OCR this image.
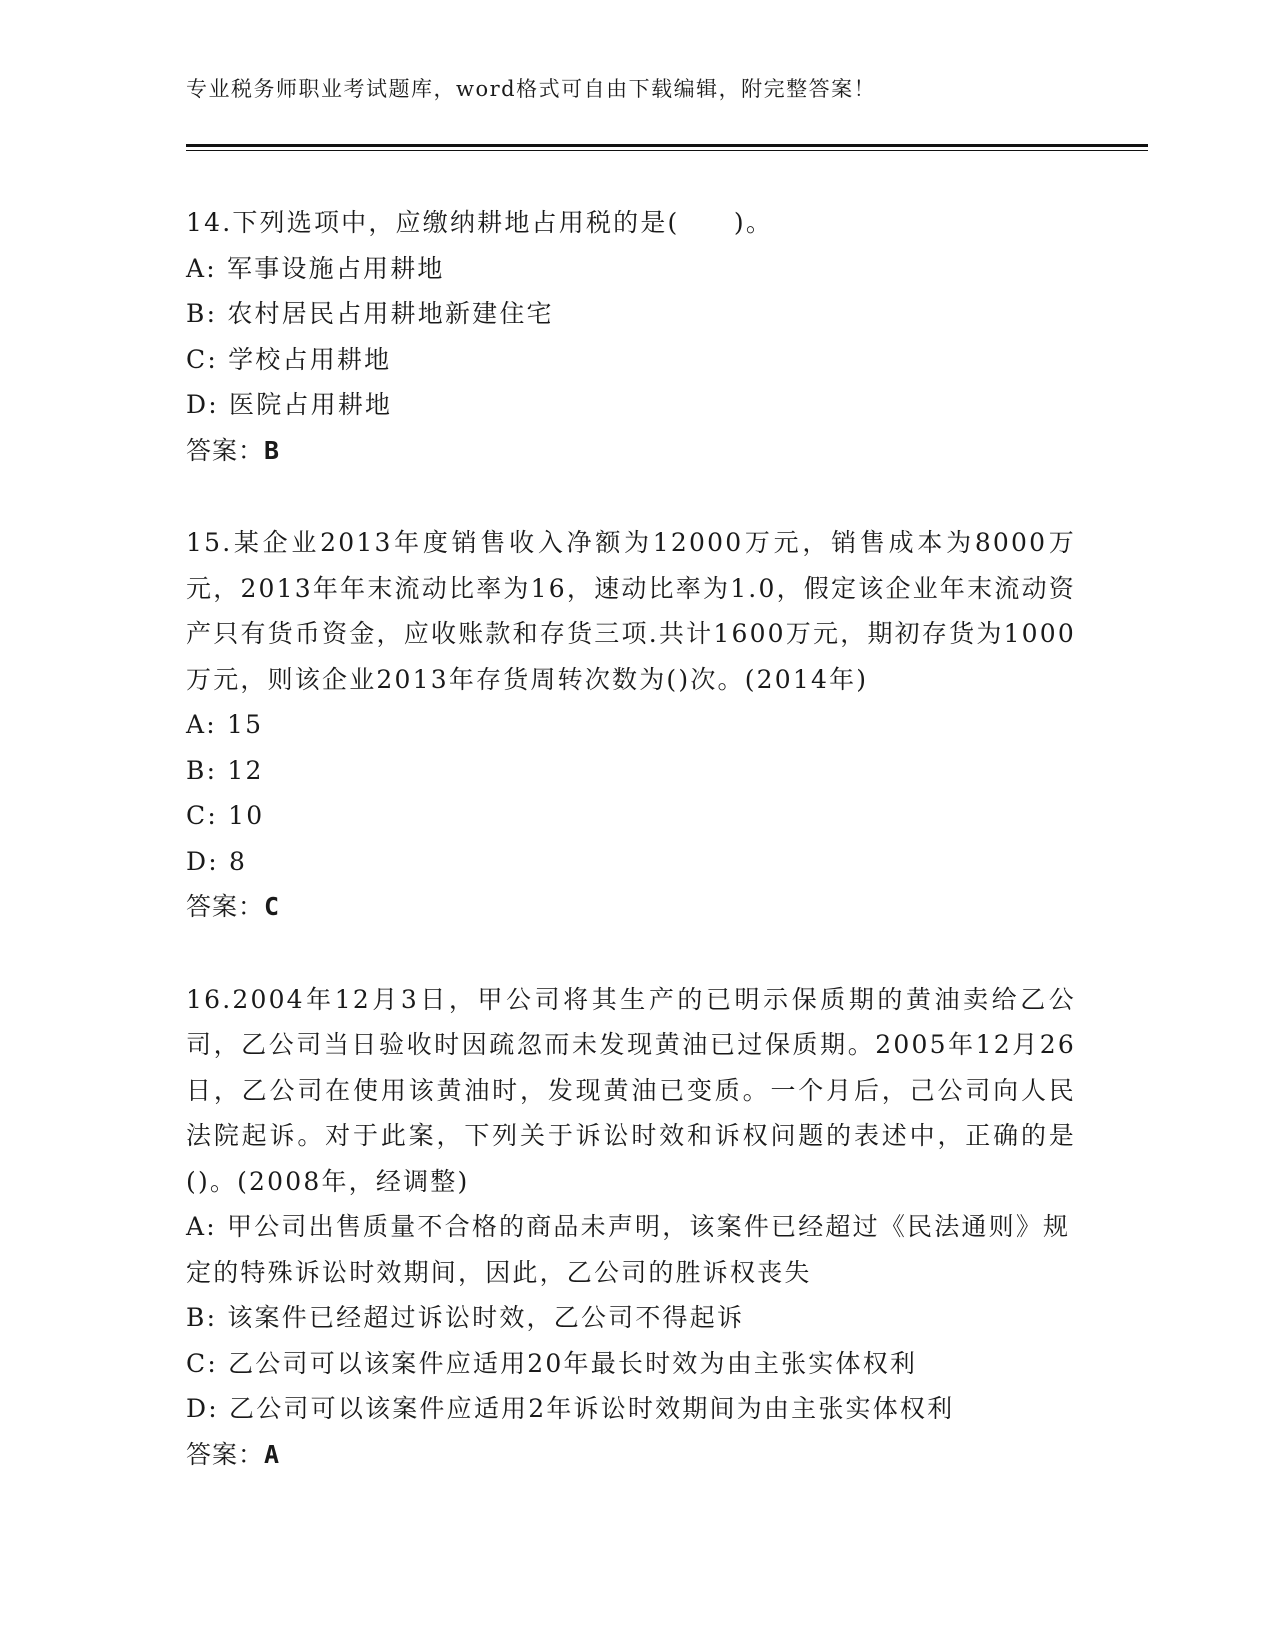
专业税务师职业考试题库，word格式可自由下载编辑，附完整答案！

14.下列选项中，应缴纳耕地占用税的是(　　)。

A: 军事设施占用耕地

B: 农村居民占用耕地新建住宅

C: 学校占用耕地

D: 医院占用耕地

答案：B

15.某企业2013年度销售收入净额为12000万元，销售成本为8000万元，2013年年末流动比率为16，速动比率为1.0，假定该企业年末流动资产只有货币资金，应收账款和存货三项.共计1600万元，期初存货为1000万元，则该企业2013年存货周转次数为()次。(2014年)

A: 15

B: 12

C: 10

D: 8

答案：C

16.2004年12月3日，甲公司将其生产的已明示保质期的黄油卖给乙公司，乙公司当日验收时因疏忽而未发现黄油已过保质期。2005年12月26日，乙公司在使用该黄油时，发现黄油已变质。一个月后，己公司向人民法院起诉。对于此案，下列关于诉讼时效和诉权问题的表述中，正确的是()。(2008年，经调整)

A: 甲公司出售质量不合格的商品未声明，该案件已经超过《民法通则》规定的特殊诉讼时效期间，因此，乙公司的胜诉权丧失

B: 该案件已经超过诉讼时效，乙公司不得起诉

C: 乙公司可以该案件应适用20年最长时效为由主张实体权利

D: 乙公司可以该案件应适用2年诉讼时效期间为由主张实体权利

答案：A
